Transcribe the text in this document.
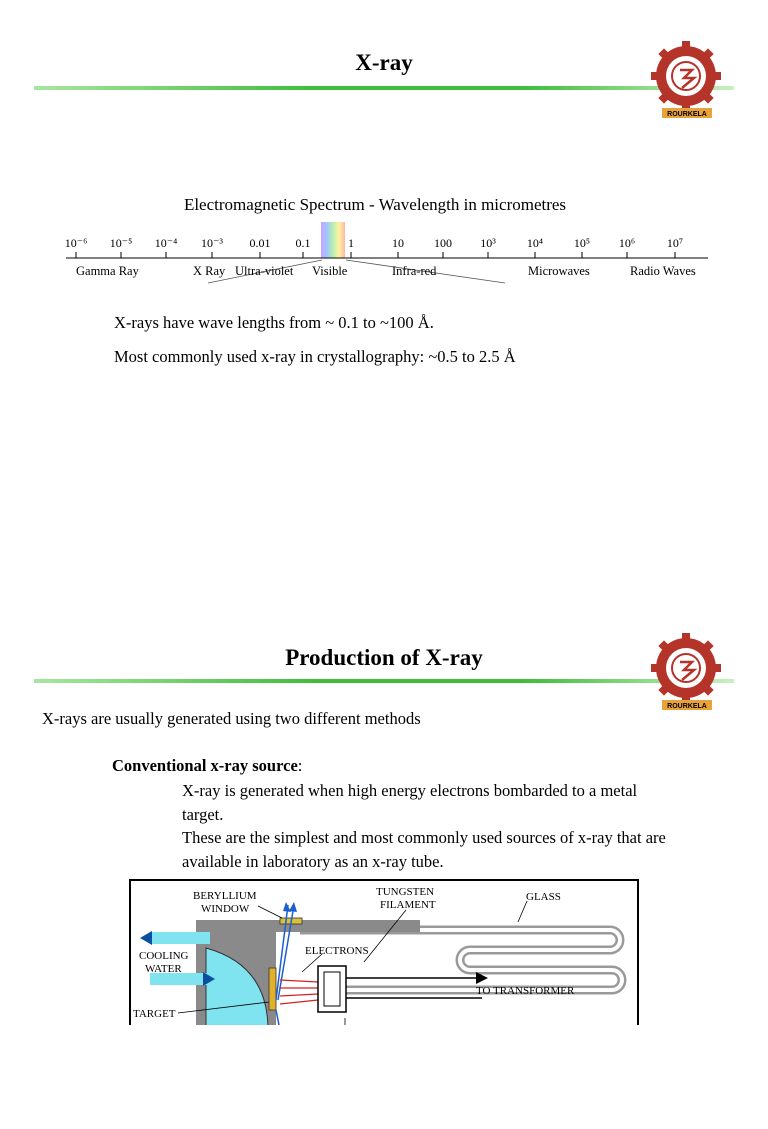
X-ray
ROURKELA
Electromagnetic Spectrum - Wavelength in micrometres
10⁻⁶ 10⁻⁵ 10⁻⁴ 10⁻³ 0.01 0.1	1	10	100 10³	10⁴	10⁵ 10⁶	10⁷
Gamma Ray	X Ray Ultra-violet Visible	Infra-red	Microwaves	Radio Waves
X-rays have wave lengths from ~ 0.1 to ~100 Å.
Most commonly used x-ray in crystallography: ~0.5 to 2.5 Å
Production of X-ray
ROURKELA
X-rays are usually generated using two different methods
Conventional x-ray source:

X-ray is generated when high energy electrons bombarded to a metal target.

These are the simplest and most commonly used sources of x-ray that are available in laboratory as an x-ray tube.

BERYLLIUM
WINDOW
TUNGSTEN
FILAMENT
GLASS
COOLING
WATER
ELECTRONS
TO TRANSFORMER
TARGET
